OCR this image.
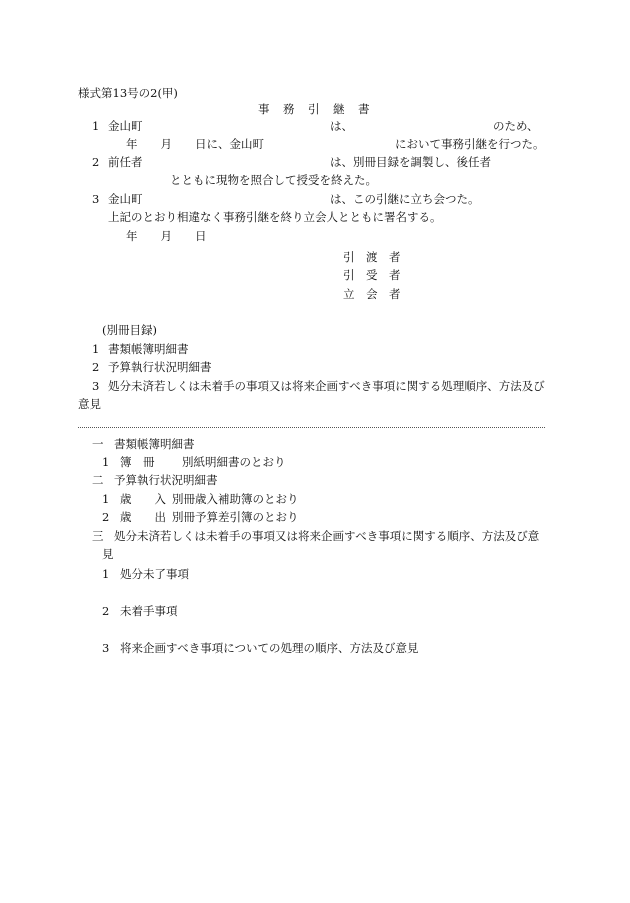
様式第13号の2(甲)
事　務　引　継　書
1 金山町	は、	のため、
年　　月　　日に、金山町	において事務引継を行つた。
2 前任者	は、別冊目録を調製し、後任者
とともに現物を照合して授受を終えた。
3 金山町	は、この引継に立ち会つた。
上記のとおり相違なく事務引継を終り立会人とともに署名する。
年　　月　　日
引　渡　者
引　受　者
立　会　者
(別冊目録)
1 書類帳簿明細書
2 予算執行状況明細書
3 処分未済若しくは未着手の事項又は将来企画すべき事項に関する処理順序、方法及び
意見
一 書類帳簿明細書
1 簿　冊 別紙明細書のとおり
二 予算執行状況明細書
1 歳　　入 別冊歳入補助簿のとおり
2 歳　　出 別冊予算差引簿のとおり
三 処分未済若しくは未着手の事項又は将来企画すべき事項に関する順序、方法及び意
見
1 処分未了事項
2 未着手事項
3 将来企画すべき事項についての処理の順序、方法及び意見
